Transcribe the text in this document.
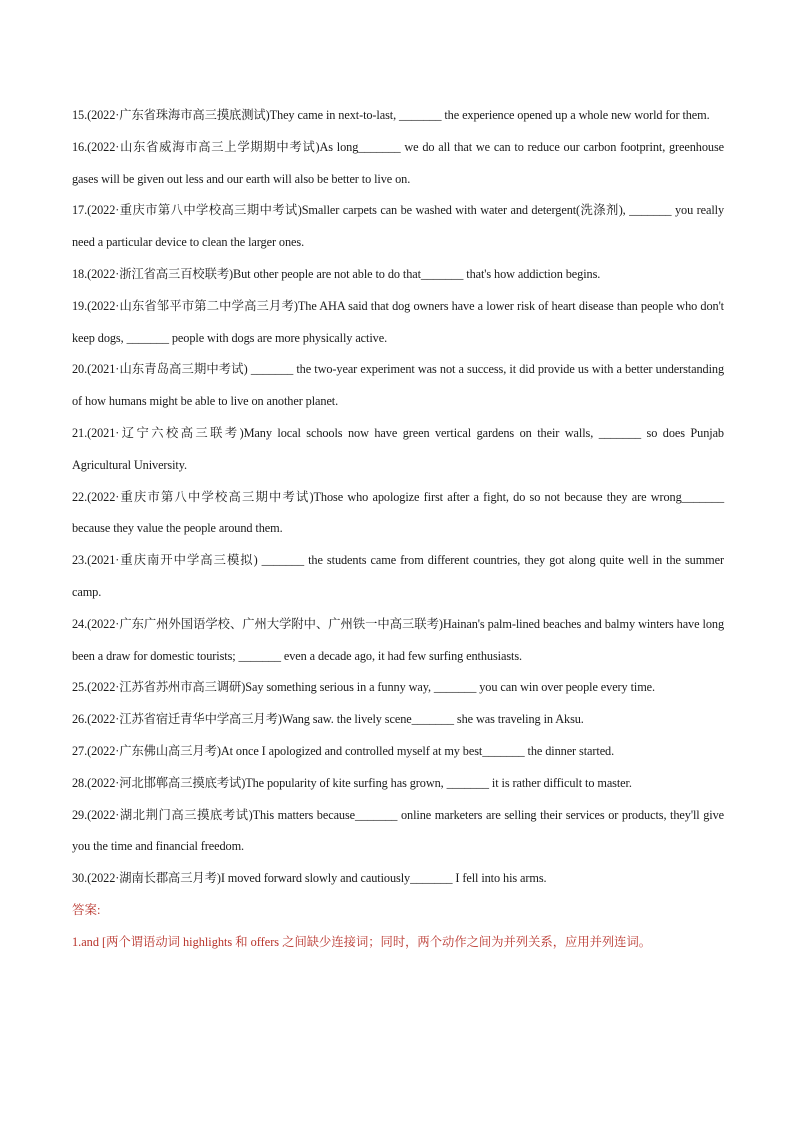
15.(2022·广东省珠海市高三摸底测试)They came in next-to-last, _______ the experience opened up a whole new world for them.

16.(2022·山东省威海市高三上学期期中考试)As long_______ we do all that we can to reduce our carbon footprint, greenhouse gases will be given out less and our earth will also be better to live on.

17.(2022·重庆市第八中学校高三期中考试)Smaller carpets can be washed with water and detergent(洗涤剂), _______ you really need a particular device to clean the larger ones.

18.(2022·浙江省高三百校联考)But other people are not able to do that_______ that's how addiction begins.

19.(2022·山东省邹平市第二中学高三月考)The AHA said that dog owners have a lower risk of heart disease than people who don't keep dogs, _______ people with dogs are more physically active.

20.(2021·山东青岛高三期中考试) _______ the two-year experiment was not a success, it did provide us with a better understanding of how humans might be able to live on another planet.

21.(2021·辽宁六校高三联考)Many local schools now have green vertical gardens on their walls, _______ so does Punjab Agricultural University.

22.(2022·重庆市第八中学校高三期中考试)Those who apologize first after a fight, do so not because they are wrong_______ because they value the people around them.

23.(2021·重庆南开中学高三模拟) _______ the students came from different countries, they got along quite well in the summer camp.

24.(2022·广东广州外国语学校、广州大学附中、广州铁一中高三联考)Hainan's palm-lined beaches and balmy winters have long been a draw for domestic tourists; _______ even a decade ago, it had few surfing enthusiasts.

25.(2022·江苏省苏州市高三调研)Say something serious in a funny way, _______ you can win over people every time.

26.(2022·江苏省宿迁青华中学高三月考)Wang saw. the lively scene_______ she was traveling in Aksu.

27.(2022·广东佛山高三月考)At once I apologized and controlled myself at my best_______ the dinner started.

28.(2022·河北邯郸高三摸底考试)The popularity of kite surfing has grown, _______ it is rather difficult to master.

29.(2022·湖北荆门高三摸底考试)This matters because_______ online marketers are selling their services or products, they'll give you the time and financial freedom.

30.(2022·湖南长郡高三月考)I moved forward slowly and cautiously_______ I fell into his arms.

答案:

1.and [两个谓语动词 highlights 和 offers 之间缺少连接词；同时，两个动作之间为并列关系，应用并列连词。
